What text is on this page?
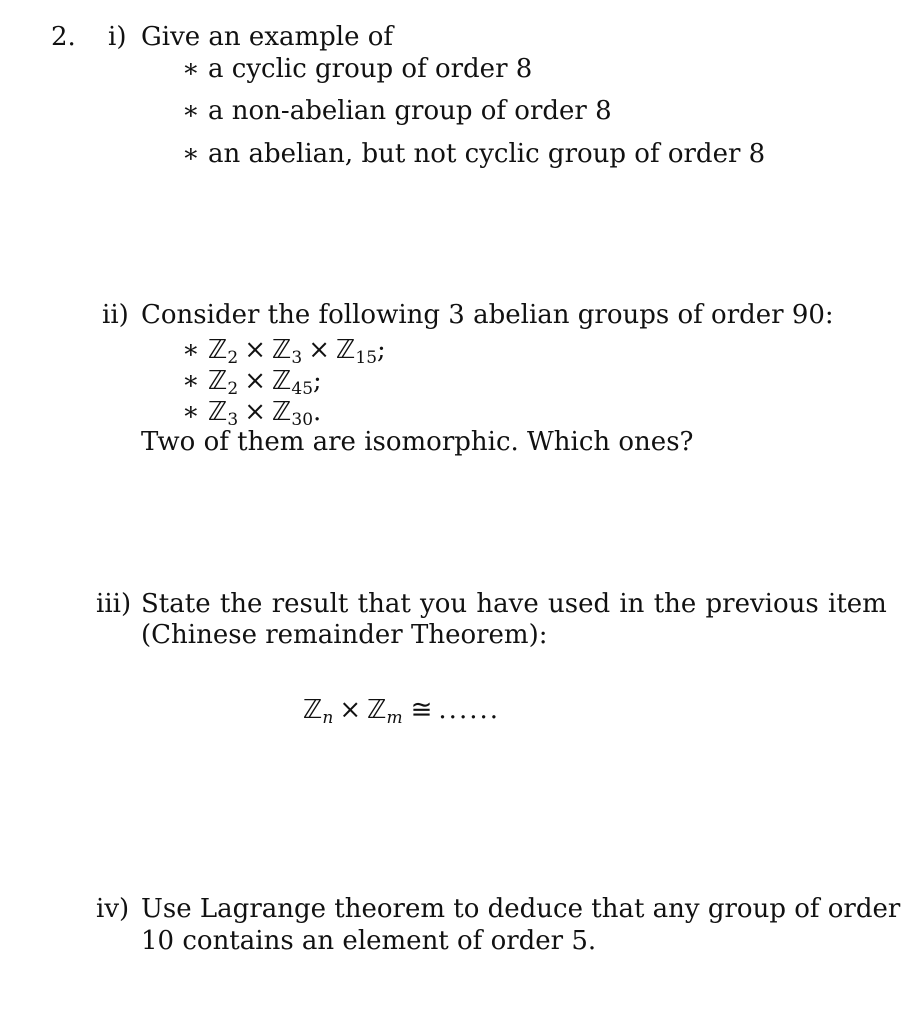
2. i) Give an example of
∗ a cyclic group of order 8
∗ a non-abelian group of order 8
∗ an abelian, but not cyclic group of order 8
ii) Consider the following 3 abelian groups of order 90:
∗ ℤ$_2$ × ℤ$_3$ × ℤ$_{15}$;
∗ ℤ$_2$ × ℤ$_{45}$;
∗ ℤ$_3$ × ℤ$_{30}$.
Two of them are isomorphic. Which ones?
iii) State the result that you have used in the previous item
(Chinese remainder Theorem):
ℤ$_n$ × ℤ$_m$ ≅ ......
iv) Use Lagrange theorem to deduce that any group of order
10 contains an element of order 5.
